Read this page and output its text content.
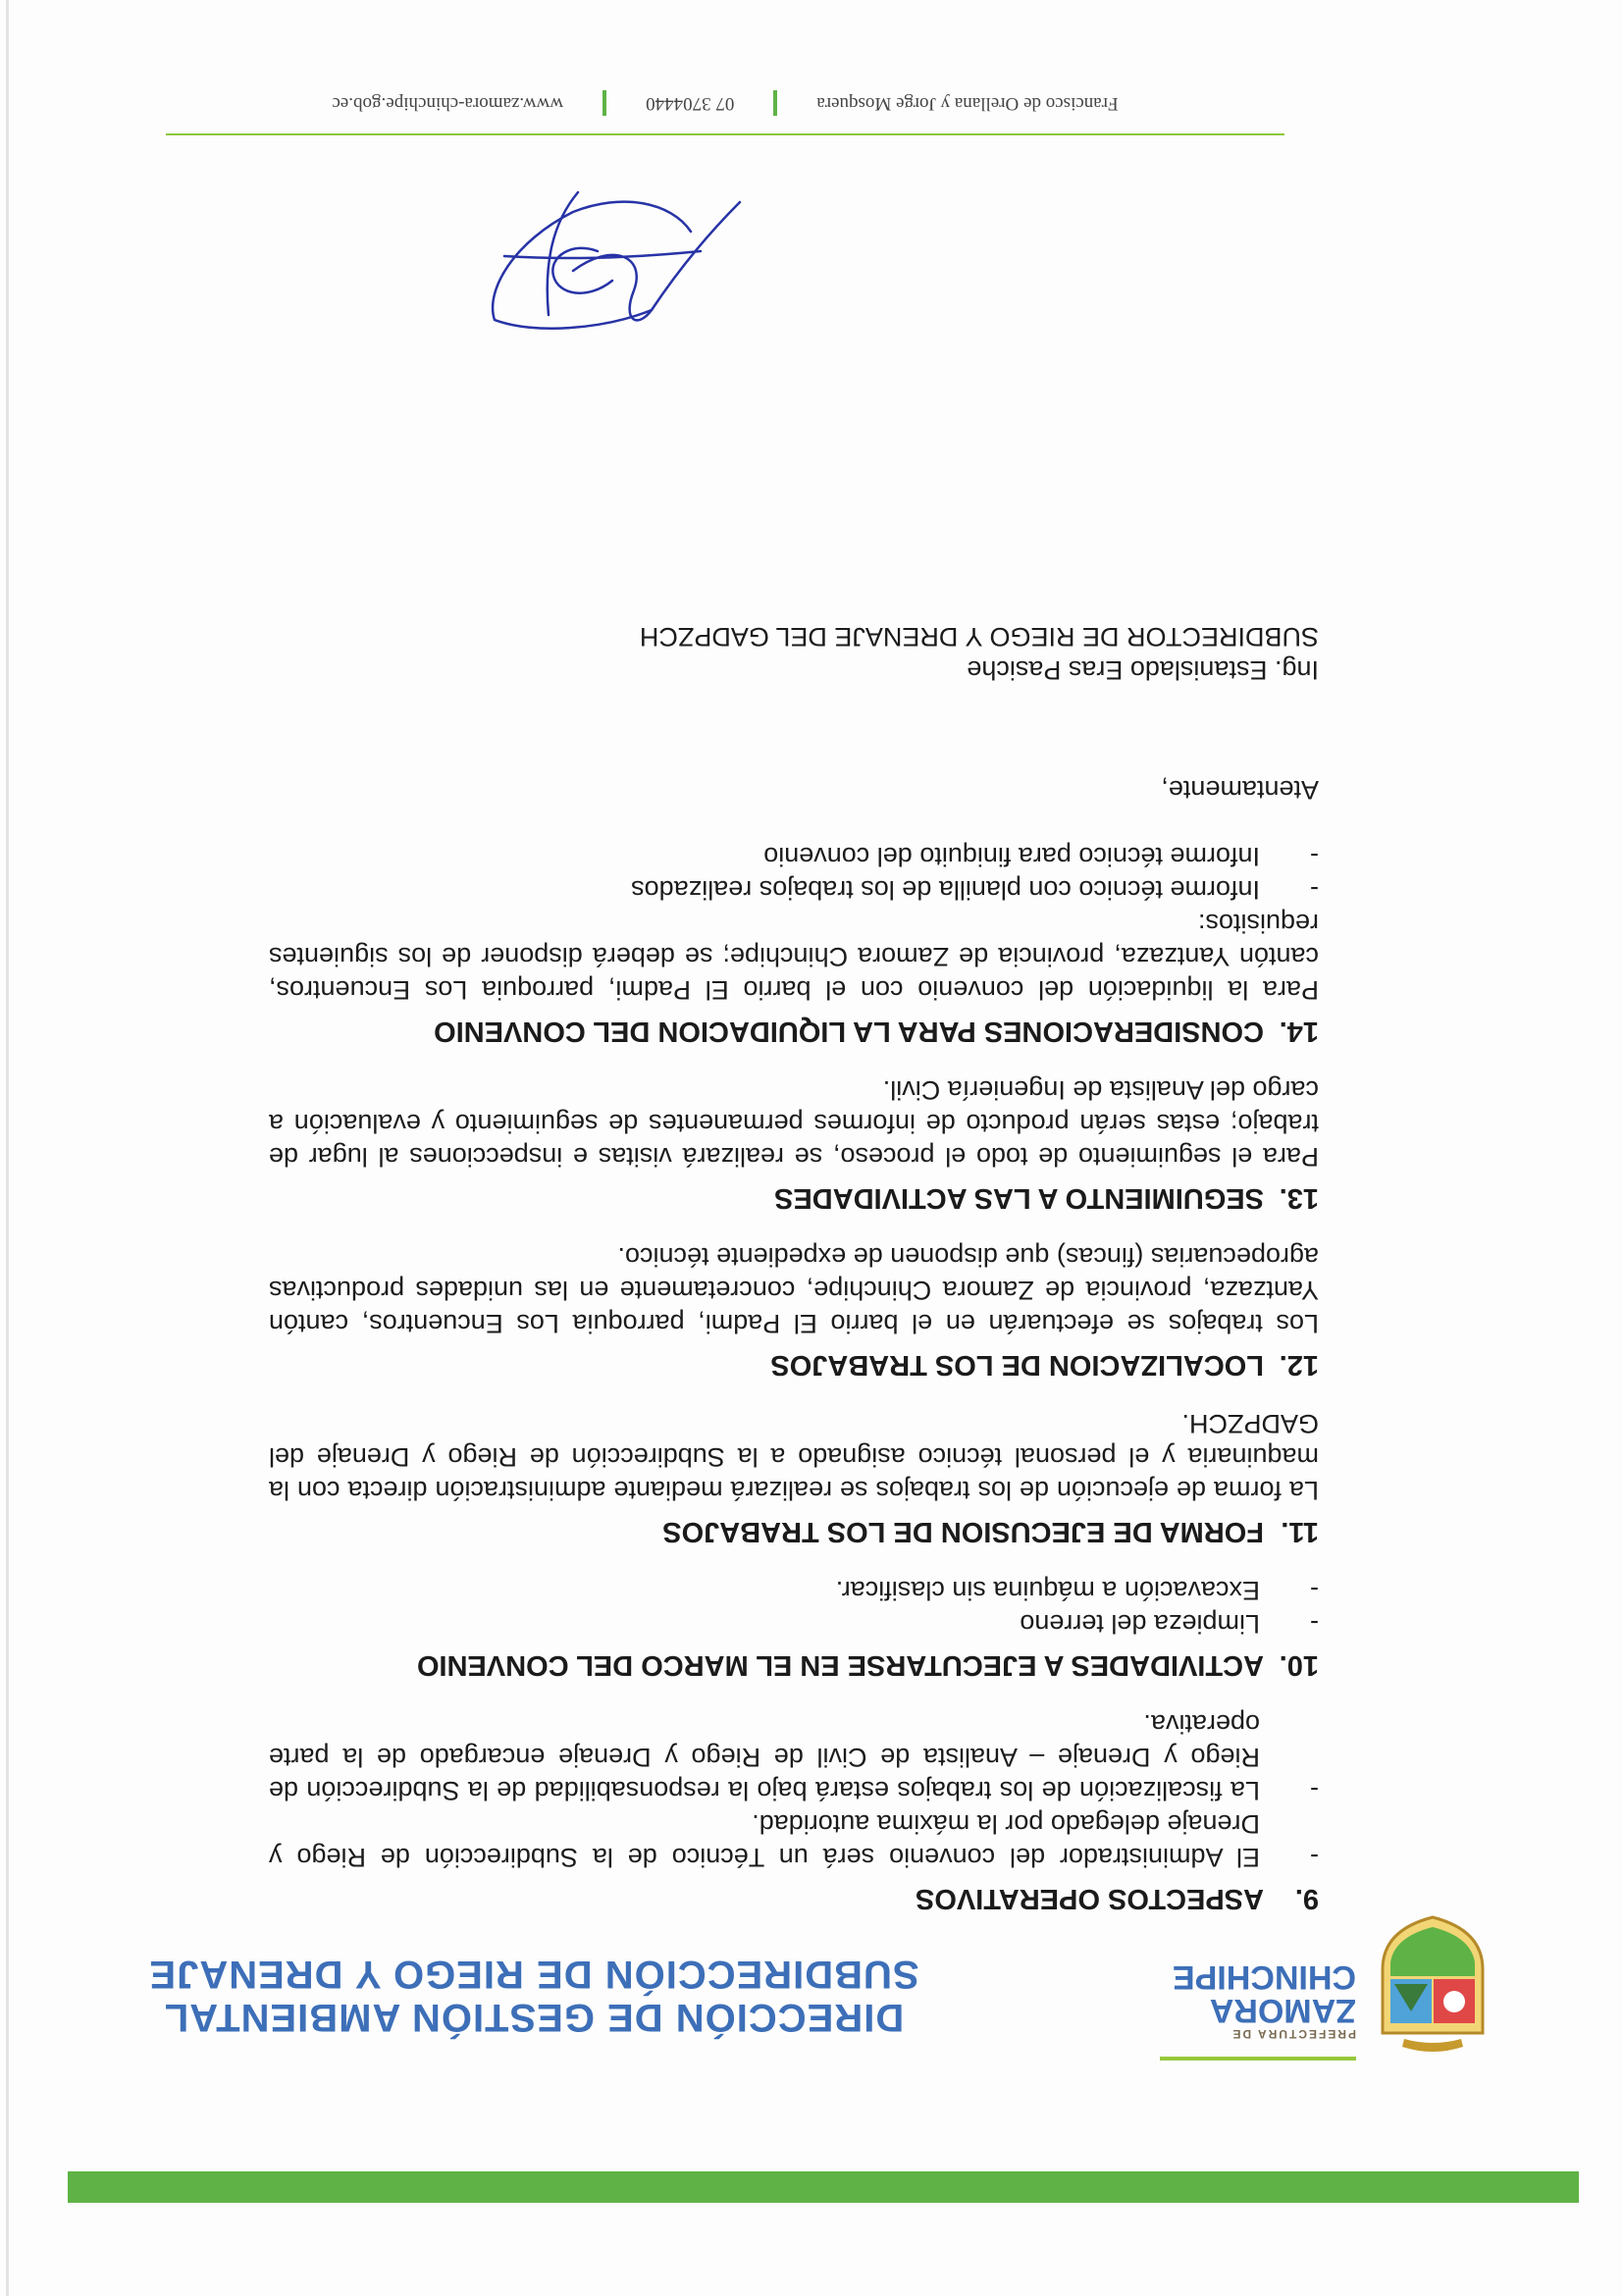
PREFECTURA DE
ZAMORA
CHINCHIPE
DIRECCIÓN DE GESTIÓN AMBIENTAL
SUBDIRECCIÓN DE RIEGO Y DRENAJE
9.ASPECTOS OPERATIVOS
-
El Administrador del convenio será un Técnico de la Subdirección de Riego y Drenaje delegado por la máxima autoridad.
-
La fiscalización de los trabajos estará bajo la responsabilidad de la Subdirección de Riego y Drenaje – Analista de Civil de Riego y Drenaje encargado de la parte operativa.
10.ACTIVIDADES A EJECUTARSE EN EL MARCO DEL CONVENIO
-
Limpieza del terreno
-
Excavación a máquina sin clasificar.
11.FORMA DE EJECUSION DE LOS TRABAJOS

La forma de ejecución de los trabajos se realizará mediante administración directa con la maquinaria y el personal técnico asignado a la Subdirección de Riego y Drenaje del GADPZCH.

12.LOCALIZACION DE LOS TRABAJOS

Los trabajos se efectuarán en el barrio El Padmi, parroquia Los Encuentros, cantón Yantzaza, provincia de Zamora Chinchipe, concretamente en las unidades productivas agropecuarias (fincas) que disponen de expediente técnico.

13.SEGUIMIENTO A LAS ACTIVIDADES

Para el seguimiento de todo el proceso, se realizará visitas e inspecciones al lugar de trabajo; estas serán producto de informes permanentes de seguimiento y evaluación a cargo del Analista de Ingeniería Civil.

14.CONSIDERACIONES PARA LA LIQUIDACION DEL CONVENIO

Para la liquidación del convenio con el barrio El Padmi, parroquia Los Encuentros, cantón Yantzaza, provincia de Zamora Chinchipe; se deberá disponer de los siguientes requisitos:

-
Informe técnico con planilla de los trabajos realizados
-
Informe técnico para finiquito del convenio
Atentamente,
Ing. Estanislado Eras Pasiche
SUBDIRECTOR DE RIEGO Y DRENAJE DEL GADPZCH
Francisco de Orellana y Jorge Mosquera
07 3704440
www.zamora-chinchipe.gob.ec
